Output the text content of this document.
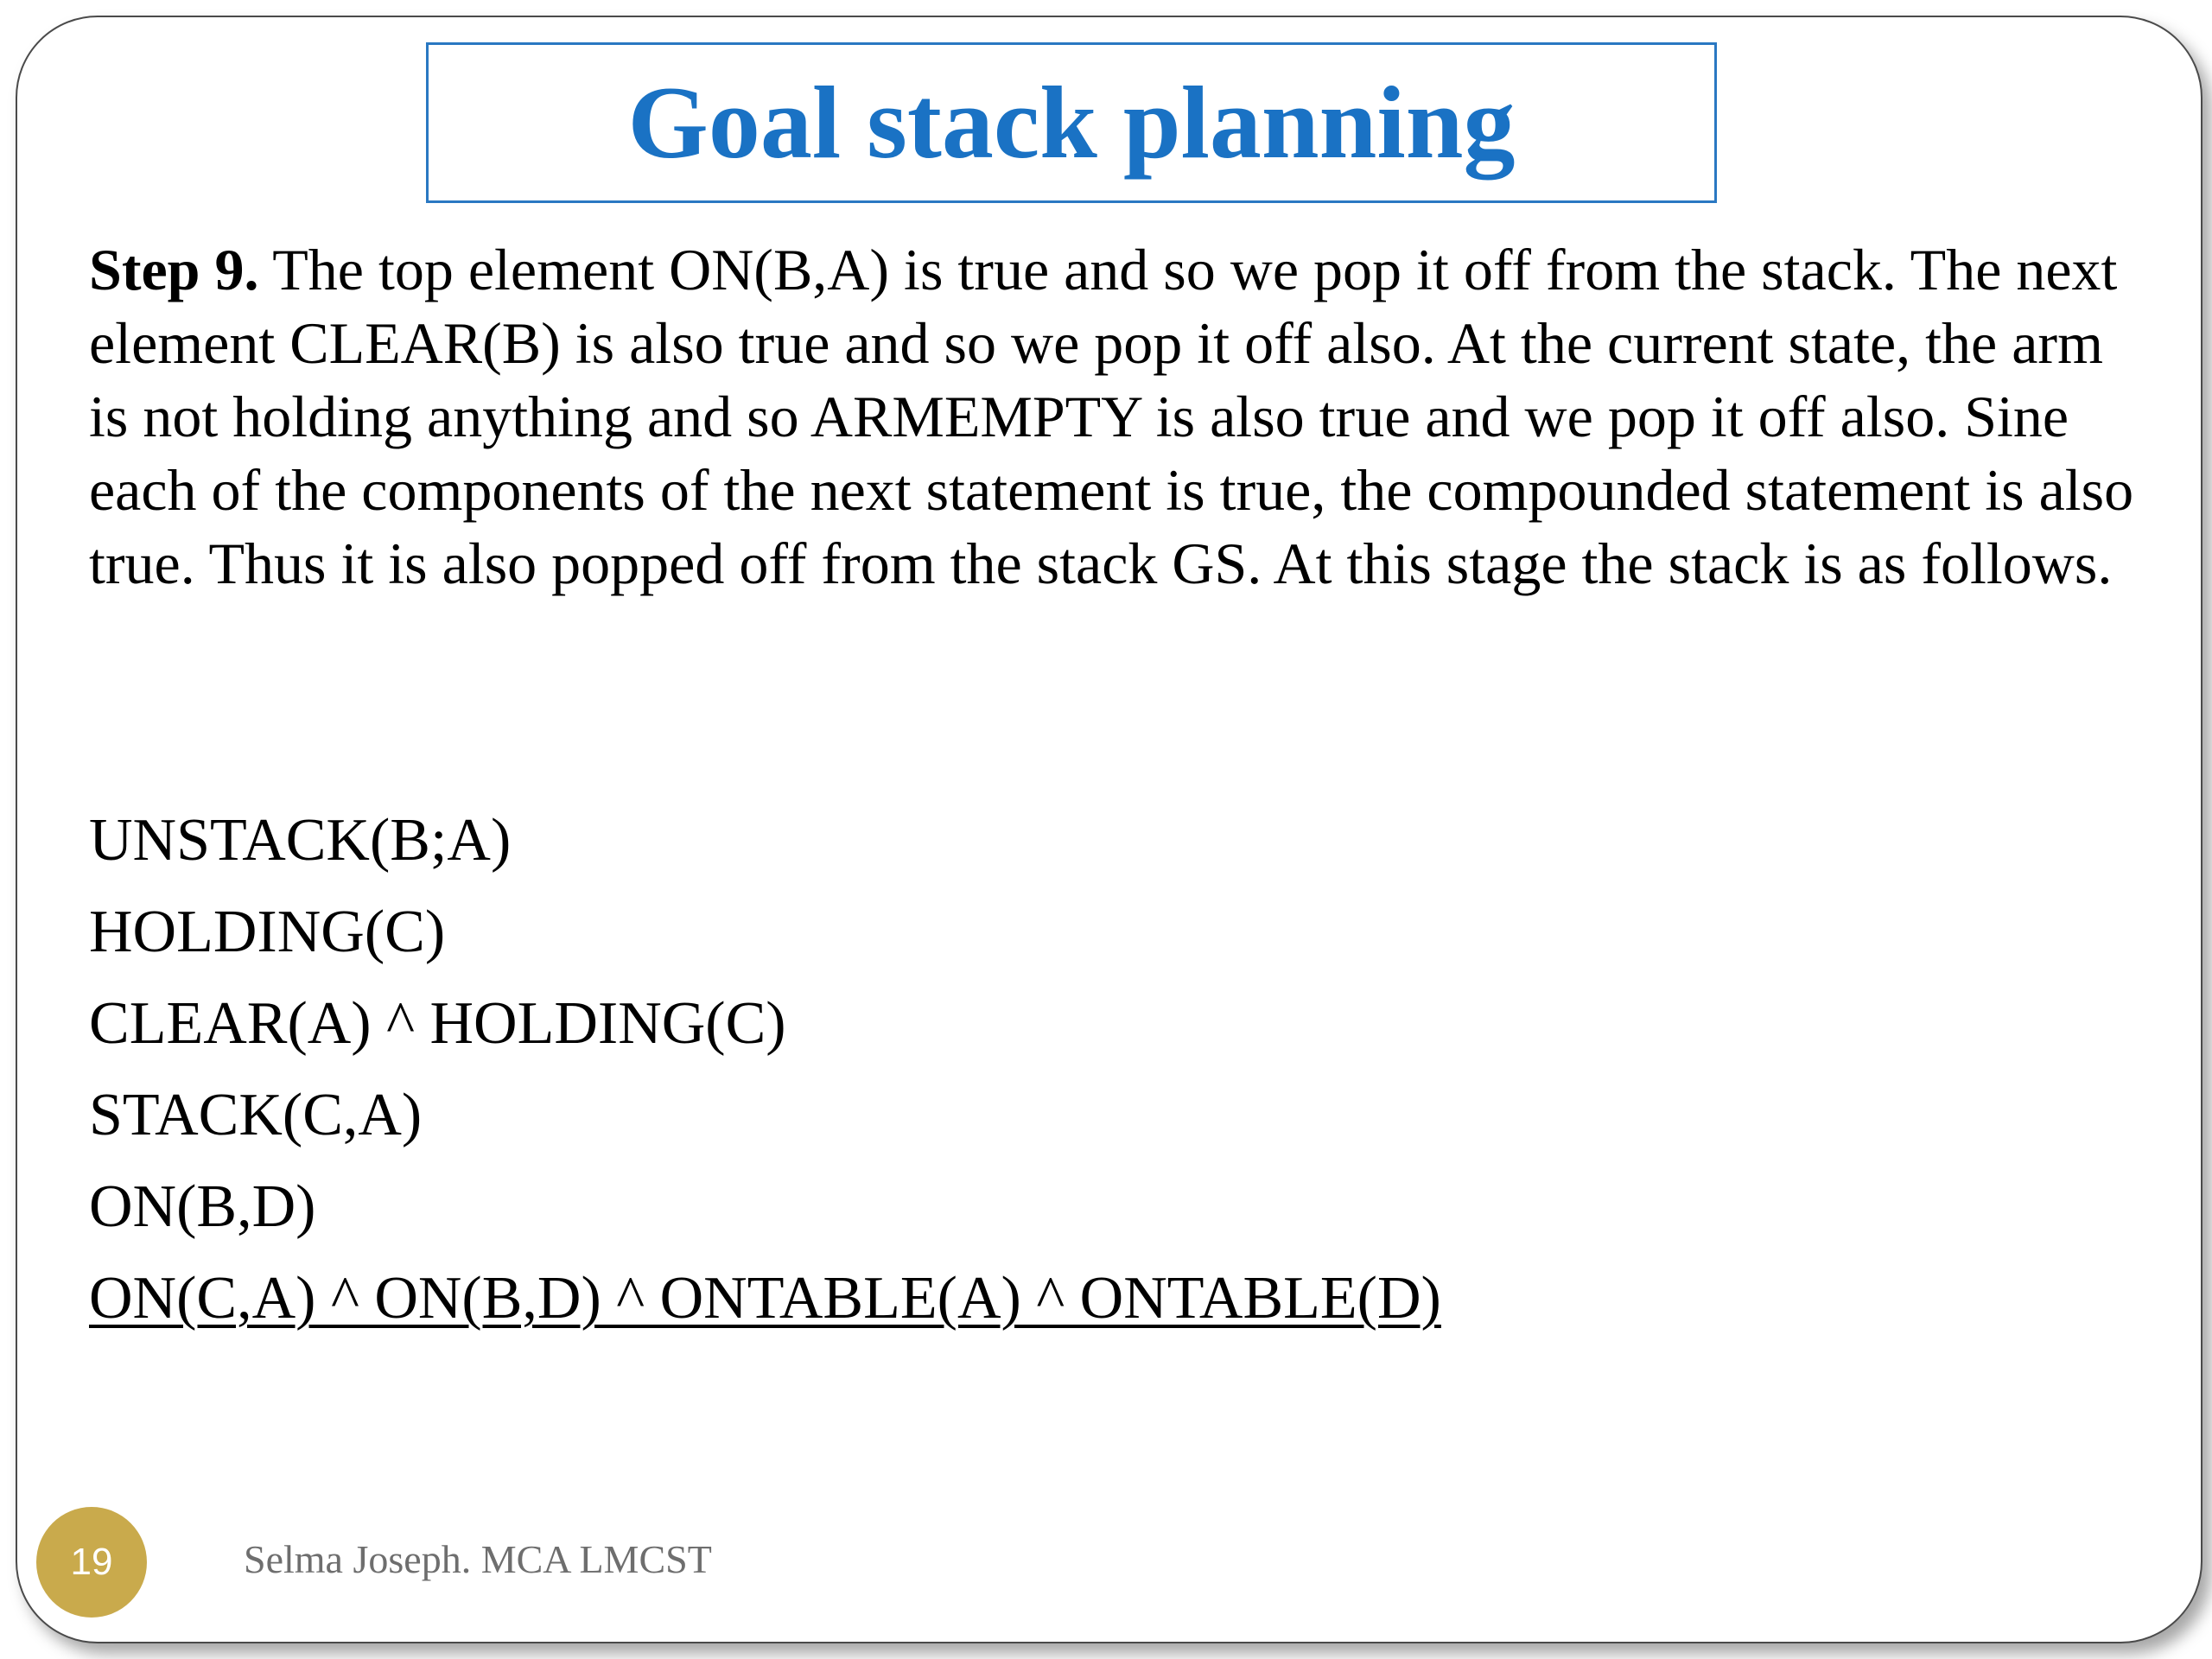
Goal stack planning

Step 9. The top element ON(B,A) is true and so we pop it off from the stack. The next element CLEAR(B) is also true and so we pop it off also. At the current state, the arm is not holding anything and so ARMEMPTY is also true and we pop it off also. Sine each of the components of the next statement is true, the compounded statement is also true. Thus it is also popped off from the stack GS. At this stage the stack is as follows.

UNSTACK(B;A)
HOLDING(C)
CLEAR(A) ^ HOLDING(C)
STACK(C,A)
ON(B,D)
ON(C,A) ^ ON(B,D) ^ ONTABLE(A) ^ ONTABLE(D)
19	Selma Joseph. MCA LMCST
